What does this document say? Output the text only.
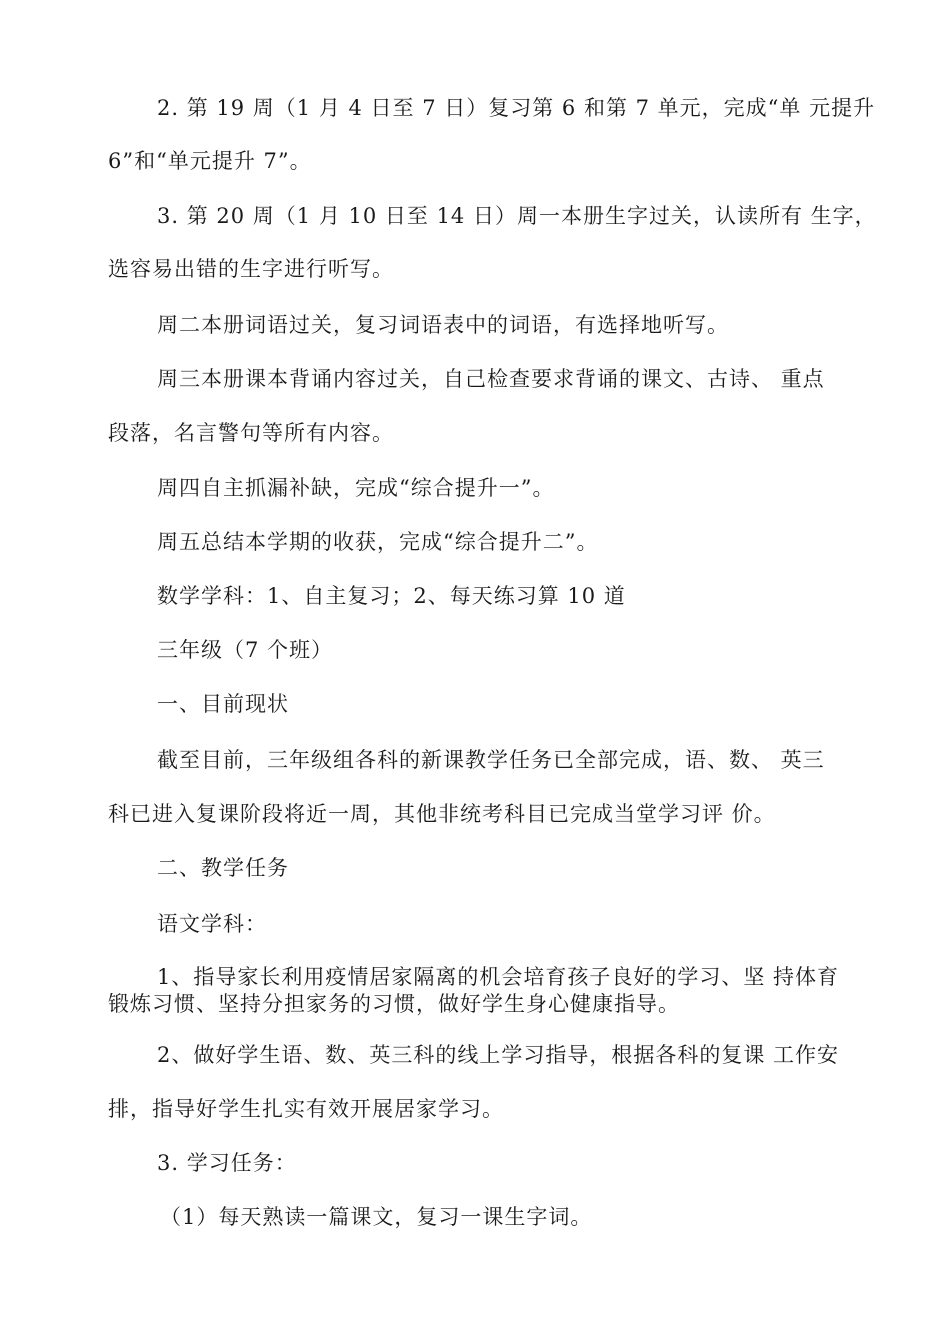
2. 第 19 周（1 月 4 日至 7 日）复习第 6 和第 7 单元，完成“单 元提升
6”和“单元提升 7”。
3. 第 20 周（1 月 10 日至 14 日）周一本册生字过关，认读所有 生字，
选容易出错的生字进行听写。
周二本册词语过关，复习词语表中的词语，有选择地听写。
周三本册课本背诵内容过关，自己检查要求背诵的课文、古诗、 重点
段落，名言警句等所有内容。
周四自主抓漏补缺，完成“综合提升一”。
周五总结本学期的收获，完成“综合提升二”。
数学学科：1、自主复习；2、每天练习算 10 道
三年级（7 个班）
一、目前现状
截至目前，三年级组各科的新课教学任务已全部完成，语、数、 英三
科已进入复课阶段将近一周，其他非统考科目已完成当堂学习评 价。
二、教学任务
语文学科：
1、指导家长利用疫情居家隔离的机会培育孩子良好的学习、坚 持体育
锻炼习惯、坚持分担家务的习惯，做好学生身心健康指导。
2、做好学生语、数、英三科的线上学习指导，根据各科的复课 工作安
排，指导好学生扎实有效开展居家学习。
3. 学习任务：
（1）每天熟读一篇课文，复习一课生字词。
